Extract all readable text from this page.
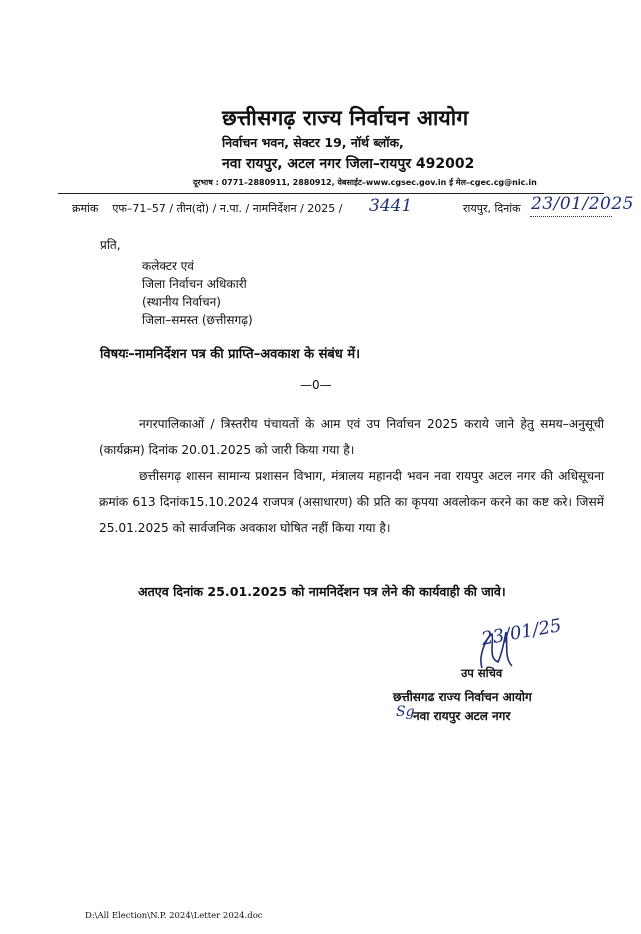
छत्तीसगढ़ राज्य निर्वाचन आयोग
निर्वाचन भवन, सेक्टर 19, नॉर्थ ब्लॉक,
नवा रायपुर, अटल नगर जिला–रायपुर 492002
दूरभाष : 0771–2880911, 2880912, वेबसाईट–www.cgsec.gov.in ई मेल–cgec.cg@nic.in
क्रमांक एफ–71–57 / तीन(दो) / न.पा. / नामनिर्देशन / 2025 / 3441	रायपुर, दिनांक 23/01/2025
प्रति,
कलेक्टर एवं
जिला निर्वाचन अधिकारी
(स्थानीय निर्वाचन)
जिला–समस्त (छत्तीसगढ़)
विषयः–नामनिर्देशन पत्र की प्राप्ति–अवकाश के संबंध में।
—0—
नगरपालिकाओं / त्रिस्तरीय पंचायतों के आम एवं उप निर्वाचन 2025 कराये जाने हेतु समय–अनुसूची (कार्यक्रम) दिनांक 20.01.2025 को जारी किया गया है।
छत्तीसगढ़ शासन सामान्य प्रशासन विभाग, मंत्रालय महानदी भवन नवा रायपुर अटल नगर की अधिसूचना क्रमांक 613 दिनांक15.10.2024 राजपत्र (असाधारण) की प्रति का कृपया अवलोकन करने का कष्ट करे। जिसमें 25.01.2025 को सार्वजनिक अवकाश घोषित नहीं किया गया है।
अतएव दिनांक 25.01.2025 को नामनिर्देशन पत्र लेने की कार्यवाही की जावे।
23/01/25
उप सचिव
छत्तीसगढ राज्य निर्वाचन आयोग
Sg
नवा रायपुर अटल नगर
D:\All Election\N.P. 2024\Letter 2024.doc
